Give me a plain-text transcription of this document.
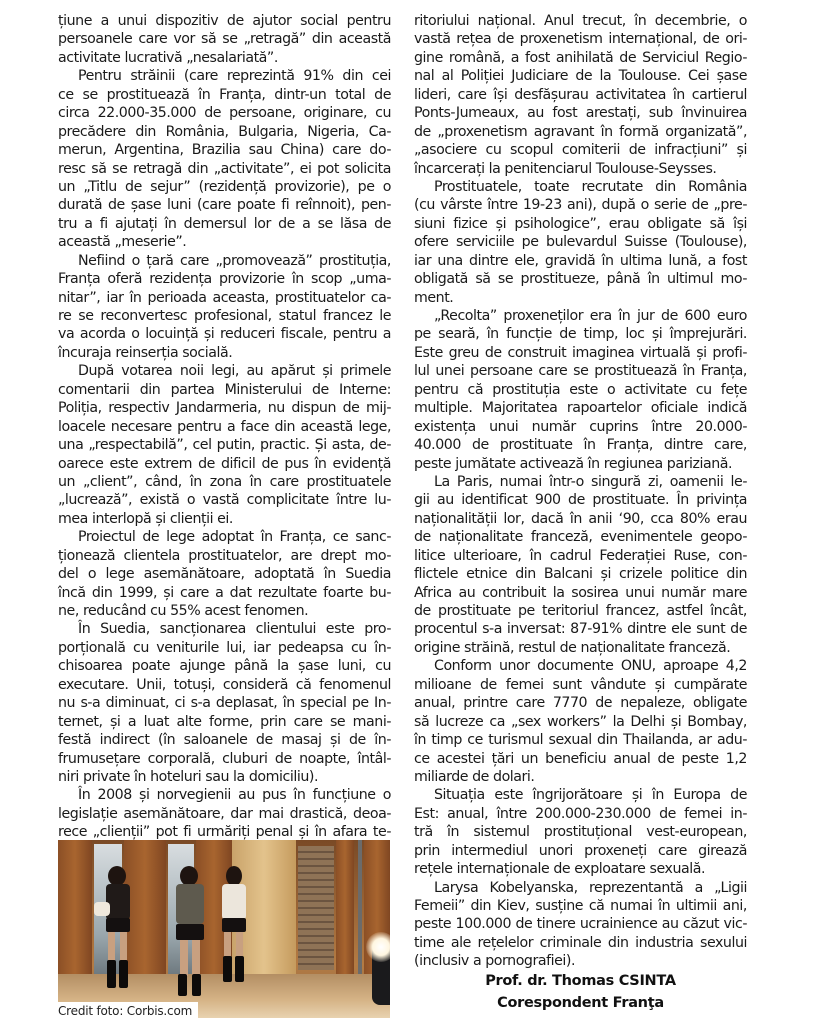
țiune a unui dispozitiv de ajutor social pentru
persoanele care vor să se „retragă” din această
activitate lucrativă „nesalariată”.
Pentru străinii (care reprezintă 91% din cei
ce se prostituează în Franța, dintr-un total de
circa 22.000-35.000 de persoane, originare, cu
precădere din România, Bulgaria, Nigeria, Ca-
merun, Argentina, Brazilia sau China) care do-
resc să se retragă din „activitate”, ei pot solicita
un „Titlu de sejur” (rezidență provizorie), pe o
durată de șase luni (care poate fi reînnoit), pen-
tru a fi ajutați în demersul lor de a se lăsa de
această „meserie”.
Nefiind o țară care „promovează” prostituția,
Franța oferă rezidența provizorie în scop „uma-
nitar”, iar în perioada aceasta, prostituatelor ca-
re se reconvertesc profesional, statul francez le
va acorda o locuință și reduceri fiscale, pentru a
încuraja reinserția socială.
După votarea noii legi, au apărut și primele
comentarii din partea Ministerului de Interne:
Poliția, respectiv Jandarmeria, nu dispun de mij-
loacele necesare pentru a face din această lege,
una „respectabilă”, cel putin, practic. Și asta, de-
oarece este extrem de dificil de pus în evidență
un „client”, când, în zona în care prostituatele
„lucrează”, există o vastă complicitate între lu-
mea interlopă și clienții ei.
Proiectul de lege adoptat în Franța, ce sanc-
ționează clientela prostituatelor, are drept mo-
del o lege asemănătoare, adoptată în Suedia
încă din 1999, și care a dat rezultate foarte bu-
ne, reducând cu 55% acest fenomen.
În Suedia, sancționarea clientului este pro-
porțională cu veniturile lui, iar pedeapsa cu în-
chisoarea poate ajunge până la șase luni, cu
executare. Unii, totuși, consideră că fenomenul
nu s-a diminuat, ci s-a deplasat, în special pe In-
ternet, și a luat alte forme, prin care se mani-
festă indirect (în saloanele de masaj și de în-
frumusețare corporală, cluburi de noapte, întâl-
niri private în hoteluri sau la domiciliu).
În 2008 și norvegienii au pus în funcțiune o
legislație asemănătoare, dar mai drastică, deoa-
rece „clienții” pot fi urmăriți penal și în afara te-
Credit foto: Corbis.com
ritoriului național. Anul trecut, în decembrie, o
vastă rețea de proxenetism internațional, de ori-
gine română, a fost anihilată de Serviciul Regio-
nal al Poliției Judiciare de la Toulouse. Cei șase
lideri, care își desfășurau activitatea în cartierul
Ponts-Jumeaux, au fost arestați, sub învinuirea
de „proxenetism agravant în formă organizată”,
„asociere cu scopul comiterii de infracțiuni” și
încarcerați la penitenciarul Toulouse-Seysses.
Prostituatele, toate recrutate din România
(cu vârste între 19-23 ani), după o serie de „pre-
siuni fizice și psihologice”, erau obligate să își
ofere serviciile pe bulevardul Suisse (Toulouse),
iar una dintre ele, gravidă în ultima lună, a fost
obligată să se prostitueze, până în ultimul mo-
ment.
„Recolta” proxeneților era în jur de 600 euro
pe seară, în funcție de timp, loc și împrejurări.
Este greu de construit imaginea virtuală și profi-
lul unei persoane care se prostituează în Franța,
pentru că prostituția este o activitate cu fețe
multiple. Majoritatea rapoartelor oficiale indică
existența unui număr cuprins între 20.000-
40.000 de prostituate în Franța, dintre care,
peste jumătate activează în regiunea pariziană.
La Paris, numai într-o singură zi, oamenii le-
gii au identificat 900 de prostituate. În privința
naționalității lor, dacă în anii ‘90, cca 80% erau
de naționalitate franceză, evenimentele geopo-
litice ulterioare, în cadrul Federației Ruse, con-
flictele etnice din Balcani și crizele politice din
Africa au contribuit la sosirea unui număr mare
de prostituate pe teritoriul francez, astfel încât,
procentul s-a inversat: 87-91% dintre ele sunt de
origine străină, restul de naționalitate franceză.
Conform unor documente ONU, aproape 4,2
milioane de femei sunt vândute și cumpărate
anual, printre care 7770 de nepaleze, obligate
să lucreze ca „sex workers” la Delhi și Bombay,
în timp ce turismul sexual din Thailanda, ar adu-
ce acestei țări un beneficiu anual de peste 1,2
miliarde de dolari.
Situația este îngrijorătoare și în Europa de
Est: anual, între 200.000-230.000 de femei in-
tră în sistemul prostituțional vest-european,
prin intermediul unori proxeneți care girează
rețele internaționale de exploatare sexuală.
Larysa Kobelyanska, reprezentantă a „Ligii
Femeii” din Kiev, susține că numai în ultimii ani,
peste 100.000 de tinere ucrainience au căzut vic-
time ale rețelelor criminale din industria sexului
(inclusiv a pornografiei).
Prof. dr. Thomas CSINTA
Corespondent Franţa
